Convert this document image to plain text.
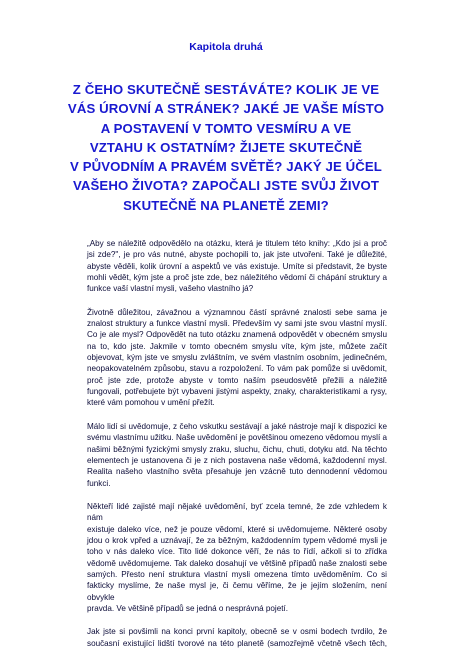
Kapitola druhá
Z ČEHO SKUTEČNĚ SESTÁVÁTE? KOLIK JE VE
VÁS ÚROVNÍ A STRÁNEK? JAKÉ JE VAŠE MÍSTO
A POSTAVENÍ V TOMTO VESMÍRU A VE
VZTAHU K OSTATNÍM? ŽIJETE SKUTEČNĚ
V PŮVODNÍM A PRAVÉM SVĚTĚ? JAKÝ JE ÚČEL
VAŠEHO ŽIVOTA? ZAPOČALI JSTE SVŮJ ŽIVOT
SKUTEČNĚ NA PLANETĚ ZEMI?
„Aby se náležitě odpovědělo na otázku, která je titulem této knihy: „Kdo jsi a proč
jsi zde?", je pro vás nutné, abyste pochopili to, jak jste utvořeni. Také je důležité,
abyste věděli, kolik úrovní a aspektů ve vás existuje. Umíte si představit, že byste
mohli vědět, kým jste a proč jste zde, bez náležitého vědomí či chápání struktury a
funkce vaší vlastní mysli, vašeho vlastního já?
Životně důležitou, závažnou a významnou částí správné znalosti sebe sama je
znalost struktury a funkce vlastní mysli. Především vy sami jste svou vlastní myslí.
Co je ale mysl? Odpovědět na tuto otázku znamená odpovědět v obecném smyslu
na to, kdo jste. Jakmile v tomto obecném smyslu víte, kým jste, můžete začít
objevovat, kým jste ve smyslu zvláštním, ve svém vlastním osobním, jedinečném,
neopakovatelném způsobu, stavu a rozpoložení. To vám pak pomůže si uvědomit,
proč jste zde, protože abyste v tomto naším pseudosvětě přežili a náležitě
fungovali, potřebujete být vybaveni jistými aspekty, znaky, charakteristikami a rysy,
které vám pomohou v umění přežít.
Málo lidí si uvědomuje, z čeho vskutku sestávají a jaké nástroje mají k dispozici ke
svému vlastnímu užitku. Naše uvědomění je povětšinou omezeno vědomou myslí a
našimi běžnými fyzickými smysly zraku, sluchu, čichu, chuti, dotyku atd. Na těchto
elementech je ustanovena či je z nich postavena naše vědomá, každodenní mysl.
Realita našeho vlastního světa přesahuje jen vzácně tuto dennodenní vědomou
funkci.
Někteří lidé zajisté mají nějaké uvědomění, byť zcela temné, že zde vzhledem k nám
existuje daleko více, než je pouze vědomí, které si uvědomujeme. Některé osoby
jdou o krok vpřed a uznávají, že za běžným, každodenním typem vědomé mysli je
toho v nás daleko více. Tito lidé dokonce věří, že nás to řídí, ačkoli si to zřídka
vědomě uvědomujeme. Tak daleko dosahují ve většině případů naše znalosti sebe
samých. Přesto není struktura vlastní mysli omezena tímto uvědoměním. Co si
fakticky myslíme, že naše mysl je, či čemu věříme, že je jejím složením, není obvykle
pravda. Ve většině případů se jedná o nesprávná pojetí.
Jak jste si povšimli na konci první kapitoly, obecně se v osmi bodech tvrdilo, že
současní existující lidští tvorové na této planetě (samozřejmě včetně všech těch,
